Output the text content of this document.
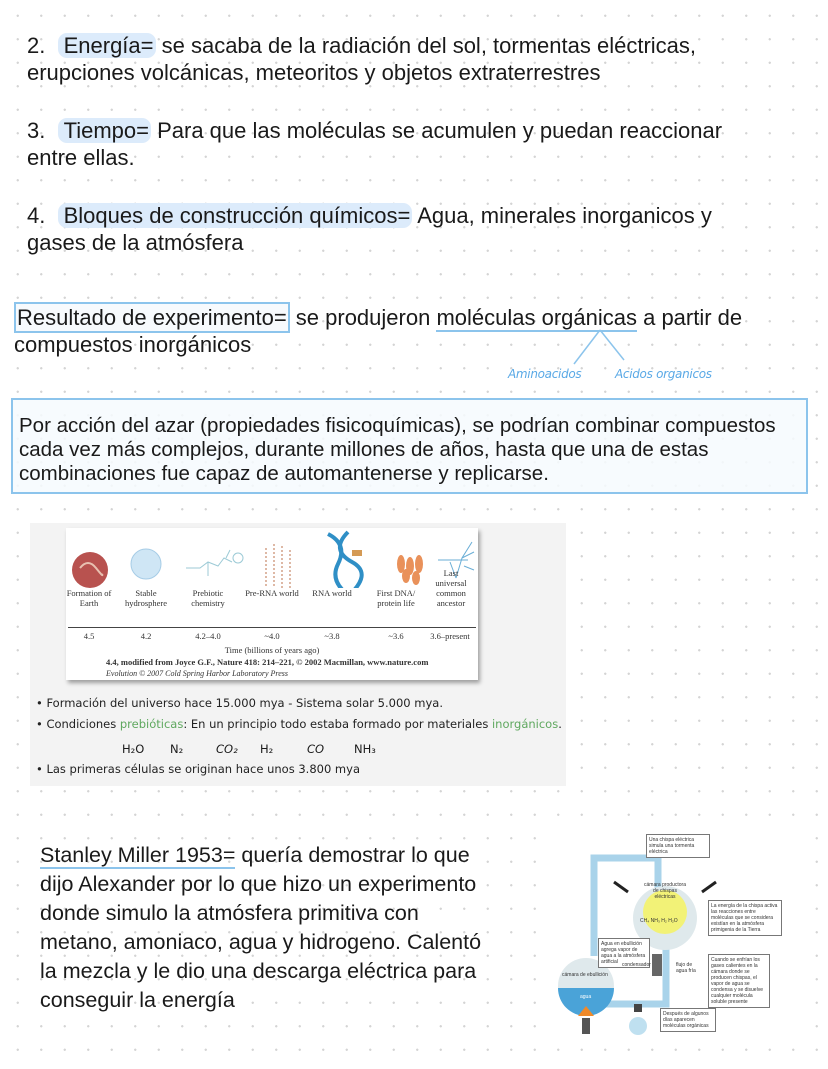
2. Energía= se sacaba de la radiación del sol, tormentas eléctricas,
erupciones volcánicas, meteoritos y objetos extraterrestres
3. Tiempo= Para que las moléculas se acumulen y puedan reaccionar
entre ellas.
4. Bloques de construcción químicos= Agua, minerales inorganicos y
gases de la atmósfera
Resultado de experimento= se produjeron moléculas orgánicas a partir de
compuestos inorgánicos
Aminoacidos	Acidos organicos
Por acción del azar (propiedades fisicoquímicas), se podrían combinar compuestos
cada vez más complejos, durante millones de años, hasta que una de estas
combinaciones fue capaz de automantenerse y replicarse.
Formation of Earth
Stable hydrosphere
Prebiotic chemistry
Pre-RNA world	RNA world	First DNA/ protein life
Last universal common ancestor
4.5	4.2	4.2–4.0	~4.0	~3.8	~3.6	3.6–present
Time (billions of years ago)
4.4, modified from Joyce G.F., Nature 418: 214–221, © 2002 Macmillan, www.nature.com
Evolution © 2007 Cold Spring Harbor Laboratory Press
• Formación del universo hace 15.000 mya - Sistema solar 5.000 mya.
• Condiciones prebióticas: En un principio todo estaba formado por materiales inorgánicos.
H₂O N₂	CO₂ H₂	CO	NH₃
• Las primeras células se originan hace unos 3.800 mya
Stanley Miller 1953= quería demostrar lo que
dijo Alexander por lo que hizo un experimento
donde simulo la atmósfera primitiva con
metano, amoniaco, agua y hidrogeno. Calentó
la mezcla y le dio una descarga eléctrica para
conseguir la energía
Una chispa eléctrica simula una tormenta eléctrica
La energía de la chispa activa las reacciones entre moléculas que se considera existían en la atmósfera primigenia de la Tierra
Agua en ebullición agrega vapor de agua a la atmósfera artificial	Cuando se enfrían los gases calientes en la cámara donde se producen chispas, el vapor de agua se condensa y se disuelve cualquier molécula soluble presente
Después de algunos días aparecen moléculas orgánicas
cámara productora de chispas eléctricas
CH₄ NH₃ H₂ H₂O
cámara de ebullición
agua
condensador	flujo de agua fría
